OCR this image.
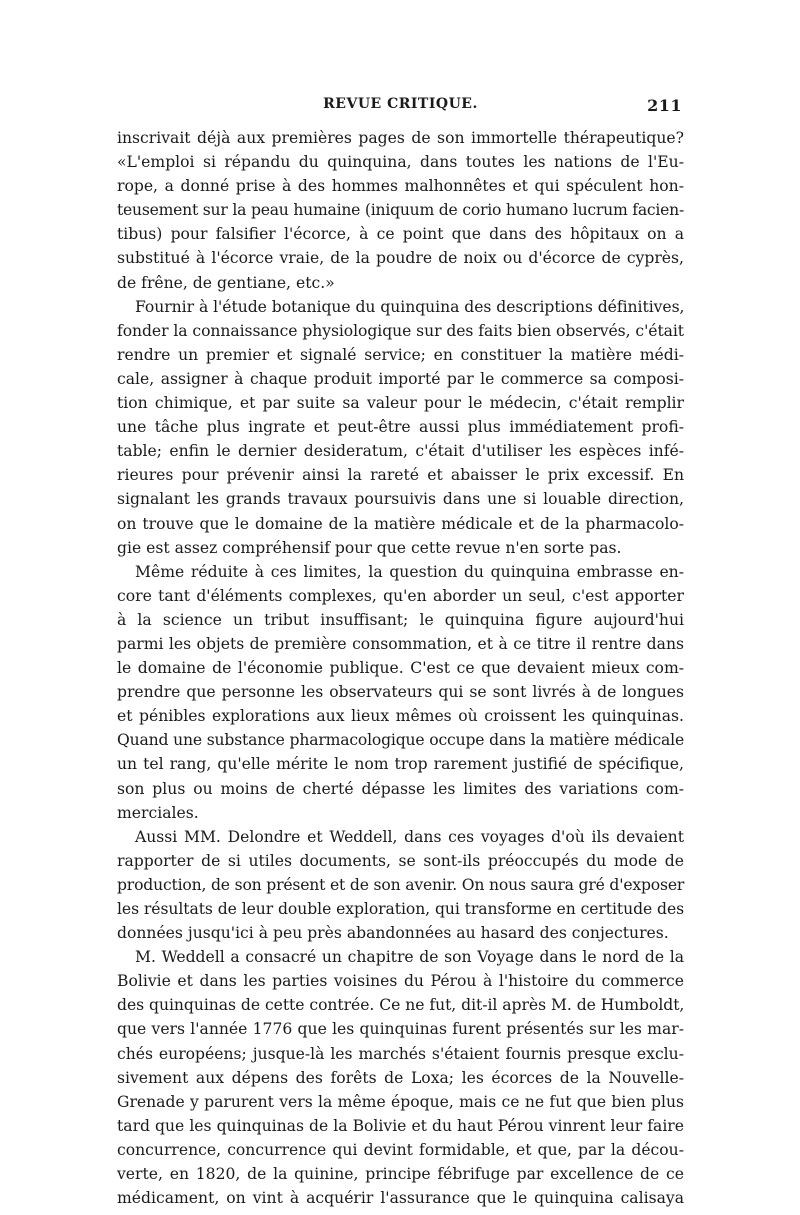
REVUE CRITIQUE.	211
inscrivait déjà aux premières pages de son immortelle thérapeutique?
«L'emploi si répandu du quinquina, dans toutes les nations de l'Eu-
rope, a donné prise à des hommes malhonnêtes et qui spéculent hon-
teusement sur la peau humaine (iniquum de corio humano lucrum facien-
tibus) pour falsifier l'écorce, à ce point que dans des hôpitaux on a
substitué à l'écorce vraie, de la poudre de noix ou d'écorce de cyprès,
de frêne, de gentiane, etc.»
Fournir à l'étude botanique du quinquina des descriptions définitives,
fonder la connaissance physiologique sur des faits bien observés, c'était
rendre un premier et signalé service; en constituer la matière médi-
cale, assigner à chaque produit importé par le commerce sa composi-
tion chimique, et par suite sa valeur pour le médecin, c'était remplir
une tâche plus ingrate et peut-être aussi plus immédiatement profi-
table; enfin le dernier desideratum, c'était d'utiliser les espèces infé-
rieures pour prévenir ainsi la rareté et abaisser le prix excessif. En
signalant les grands travaux poursuivis dans une si louable direction,
on trouve que le domaine de la matière médicale et de la pharmacolo-
gie est assez compréhensif pour que cette revue n'en sorte pas.
Même réduite à ces limites, la question du quinquina embrasse en-
core tant d'éléments complexes, qu'en aborder un seul, c'est apporter
à la science un tribut insuffisant; le quinquina figure aujourd'hui
parmi les objets de première consommation, et à ce titre il rentre dans
le domaine de l'économie publique. C'est ce que devaient mieux com-
prendre que personne les observateurs qui se sont livrés à de longues
et pénibles explorations aux lieux mêmes où croissent les quinquinas.
Quand une substance pharmacologique occupe dans la matière médicale
un tel rang, qu'elle mérite le nom trop rarement justifié de spécifique,
son plus ou moins de cherté dépasse les limites des variations com-
merciales.
Aussi MM. Delondre et Weddell, dans ces voyages d'où ils devaient
rapporter de si utiles documents, se sont-ils préoccupés du mode de
production, de son présent et de son avenir. On nous saura gré d'exposer
les résultats de leur double exploration, qui transforme en certitude des
données jusqu'ici à peu près abandonnées au hasard des conjectures.
M. Weddell a consacré un chapitre de son Voyage dans le nord de la
Bolivie et dans les parties voisines du Pérou à l'histoire du commerce
des quinquinas de cette contrée. Ce ne fut, dit-il après M. de Humboldt,
que vers l'année 1776 que les quinquinas furent présentés sur les mar-
chés européens; jusque-là les marchés s'étaient fournis presque exclu-
sivement aux dépens des forêts de Loxa; les écorces de la Nouvelle-
Grenade y parurent vers la même époque, mais ce ne fut que bien plus
tard que les quinquinas de la Bolivie et du haut Pérou vinrent leur faire
concurrence, concurrence qui devint formidable, et que, par la décou-
verte, en 1820, de la quinine, principe fébrifuge par excellence de ce
médicament, on vint à acquérir l'assurance que le quinquina calisaya
